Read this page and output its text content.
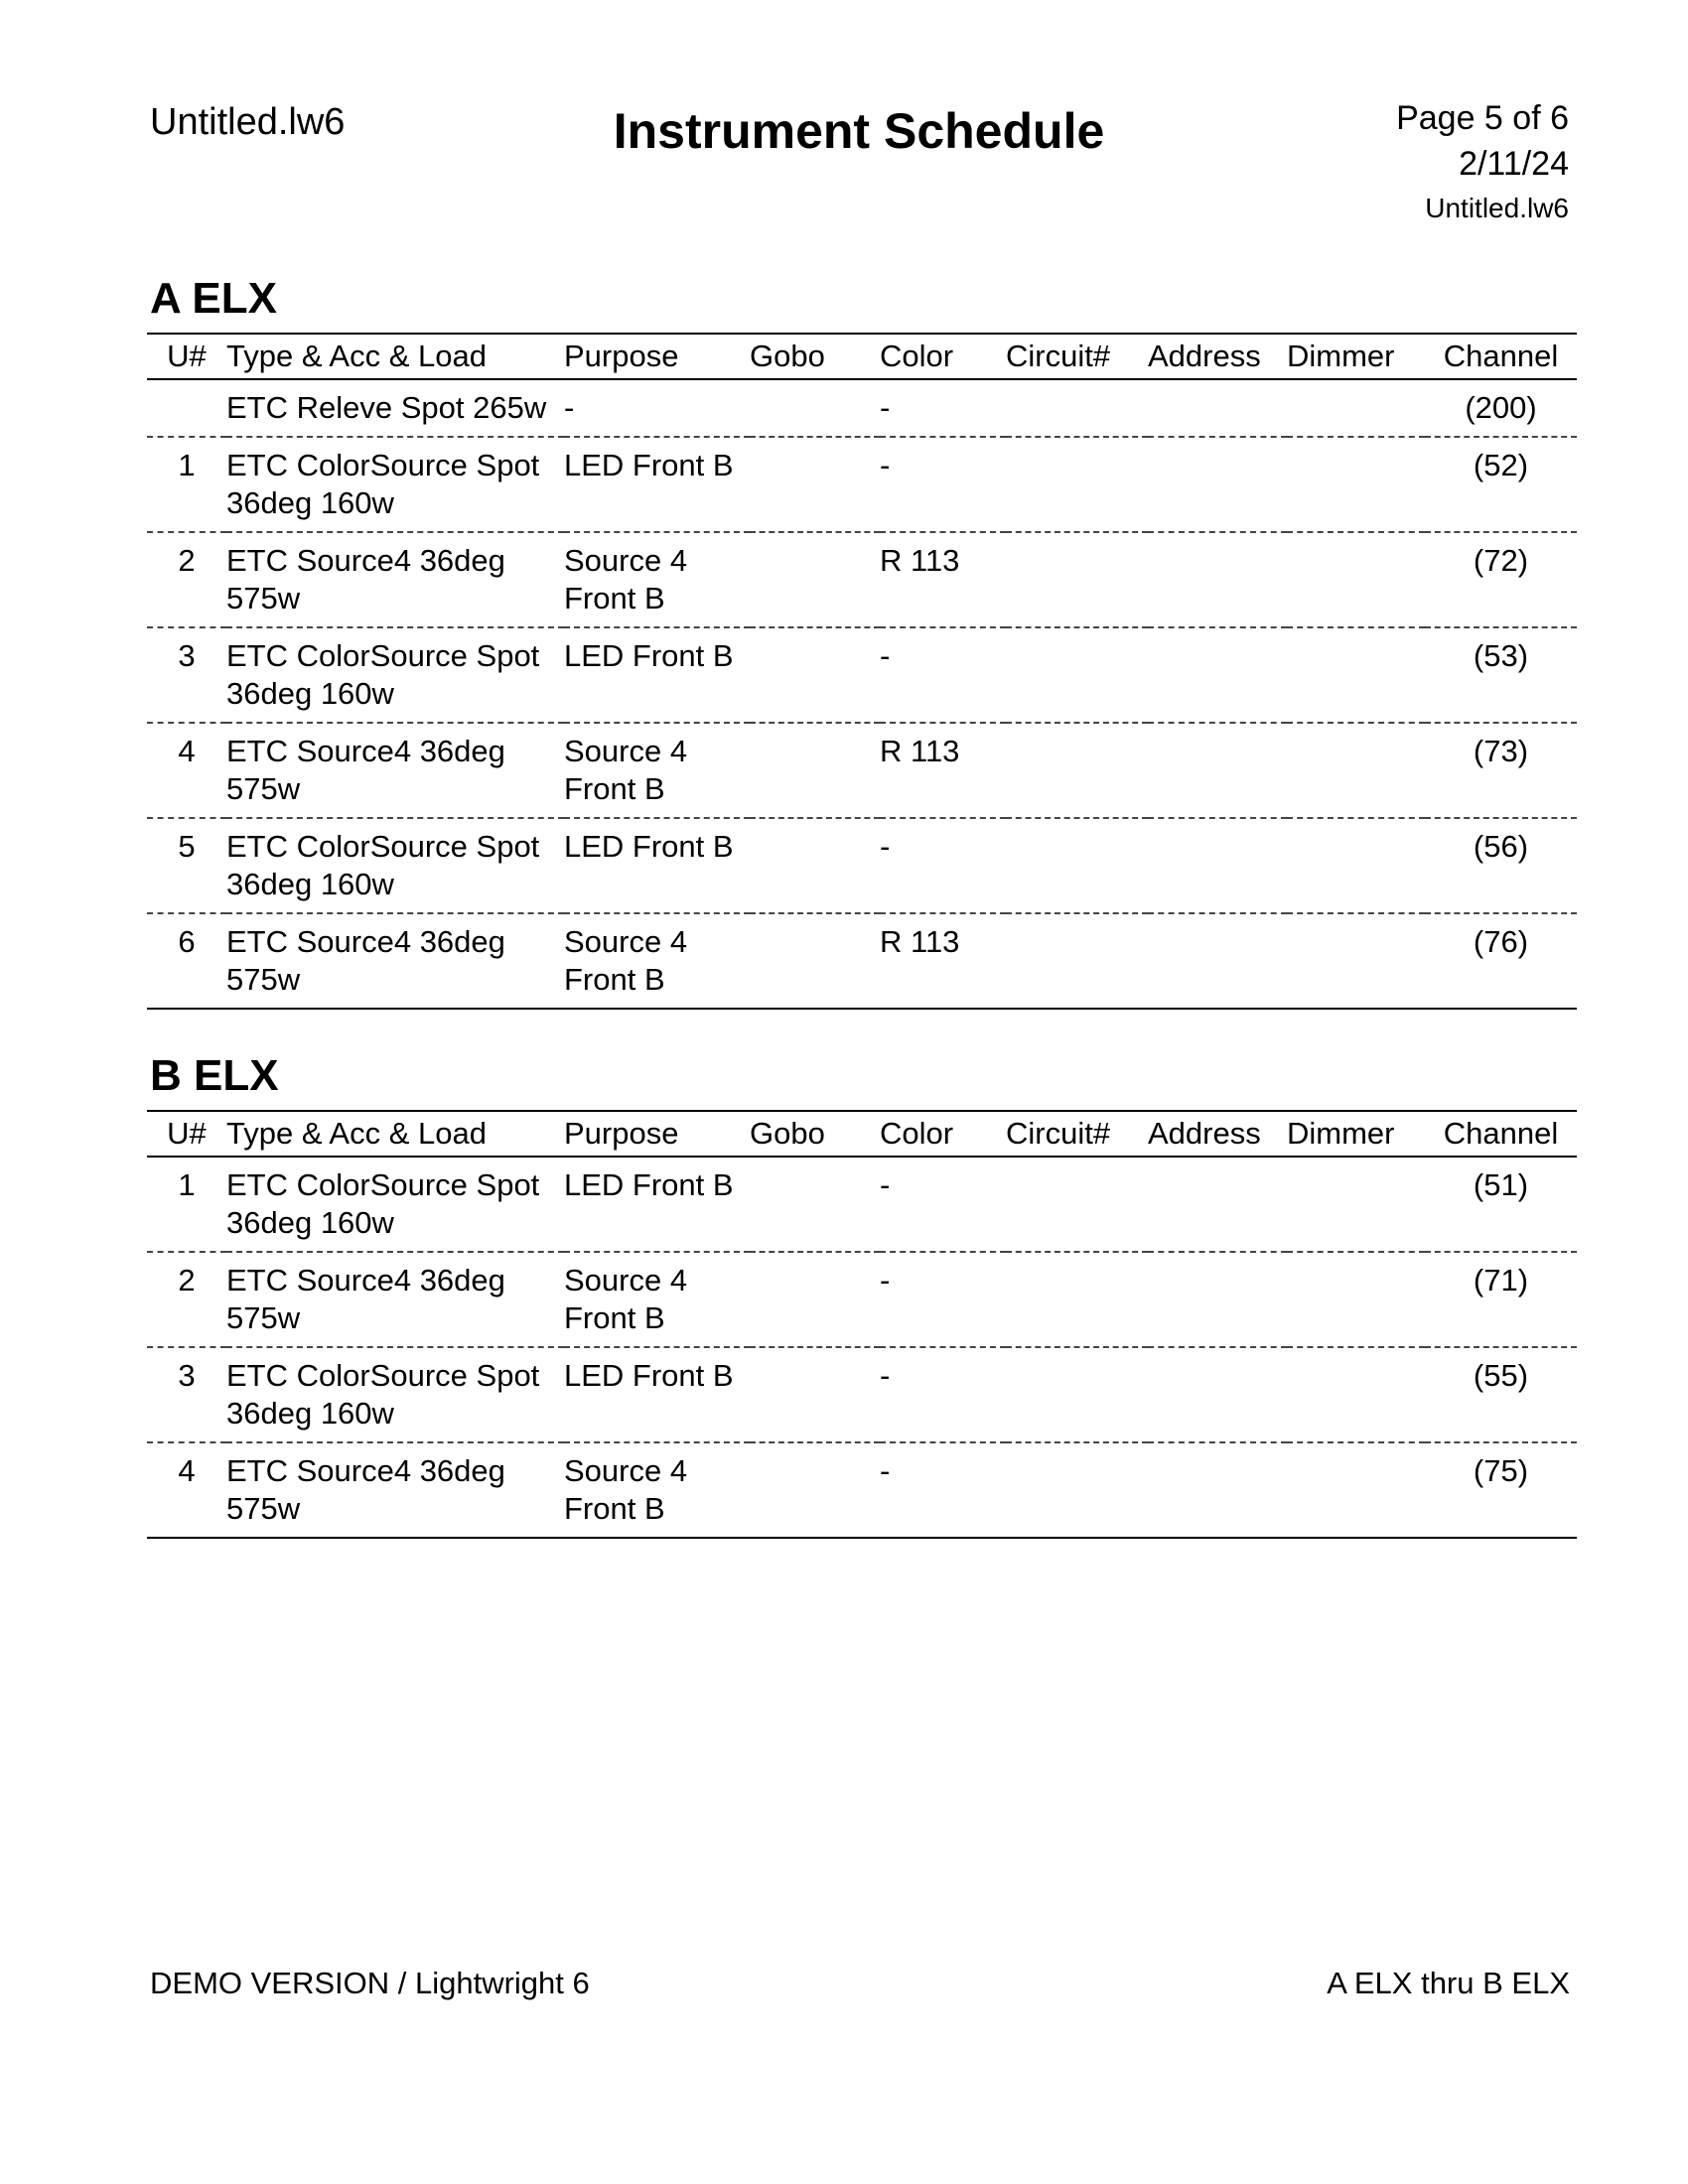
Untitled.lw6	Instrument Schedule	Page 5 of 6
2/11/24
Untitled.lw6
A ELX
U#	Type & Acc & Load	Purpose	Gobo	Color	Circuit#	Address	Dimmer	Channel
	ETC Releve Spot 265w	-		-				(200)
1	ETC ColorSource Spot 36deg 160w	LED Front B		-				(52)
2	ETC Source4 36deg 575w	Source 4 Front B		R 113				(72)
3	ETC ColorSource Spot 36deg 160w	LED Front B		-				(53)
4	ETC Source4 36deg 575w	Source 4 Front B		R 113				(73)
5	ETC ColorSource Spot 36deg 160w	LED Front B		-				(56)
6	ETC Source4 36deg 575w	Source 4 Front B		R 113				(76)
B ELX
U#	Type & Acc & Load	Purpose	Gobo	Color	Circuit#	Address	Dimmer	Channel
1	ETC ColorSource Spot 36deg 160w	LED Front B		-				(51)
2	ETC Source4 36deg 575w	Source 4 Front B		-				(71)
3	ETC ColorSource Spot 36deg 160w	LED Front B		-				(55)
4	ETC Source4 36deg 575w	Source 4 Front B		-				(75)
DEMO VERSION / Lightwright 6	A ELX thru B ELX
